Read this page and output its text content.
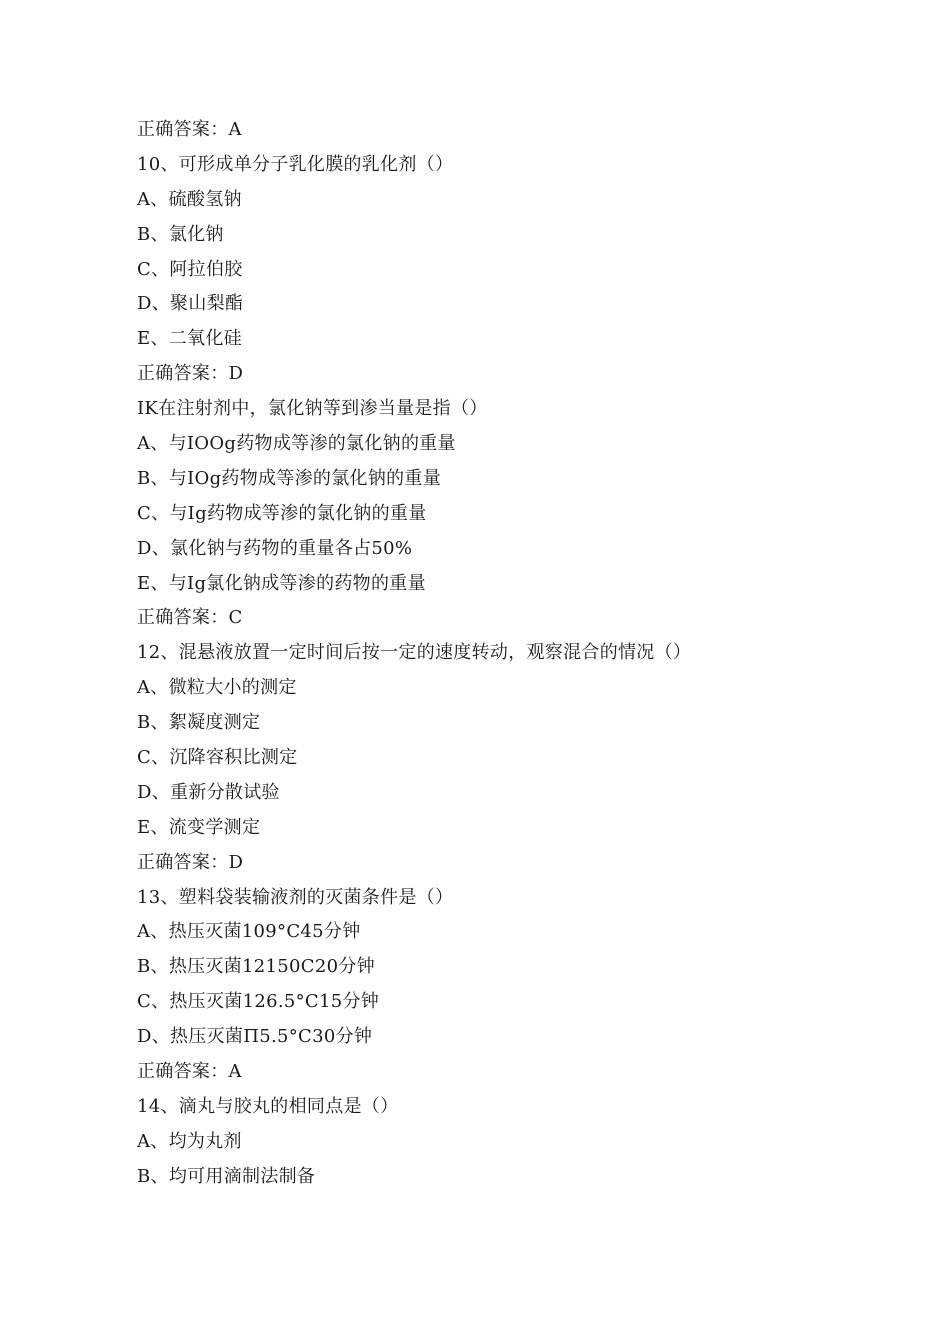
正确答案：A
10、可形成单分子乳化膜的乳化剂（）
A、硫酸氢钠
B、氯化钠
C、阿拉伯胶
D、聚山梨酯
E、二氧化硅
正确答案：D
IK在注射剂中，氯化钠等到渗当量是指（）
A、与IOOg药物成等渗的氯化钠的重量
B、与IOg药物成等渗的氯化钠的重量
C、与Ig药物成等渗的氯化钠的重量
D、氯化钠与药物的重量各占50%
E、与Ig氯化钠成等渗的药物的重量
正确答案：C
12、混悬液放置一定时间后按一定的速度转动，观察混合的情况（）
A、微粒大小的测定
B、絮凝度测定
C、沉降容积比测定
D、重新分散试验
E、流变学测定
正确答案：D
13、塑料袋装输液剂的灭菌条件是（）
A、热压灭菌109°C45分钟
B、热压灭菌12150C20分钟
C、热压灭菌126.5°C15分钟
D、热压灭菌Π5.5°C30分钟
正确答案：A
14、滴丸与胶丸的相同点是（）
A、均为丸剂
B、均可用滴制法制备
